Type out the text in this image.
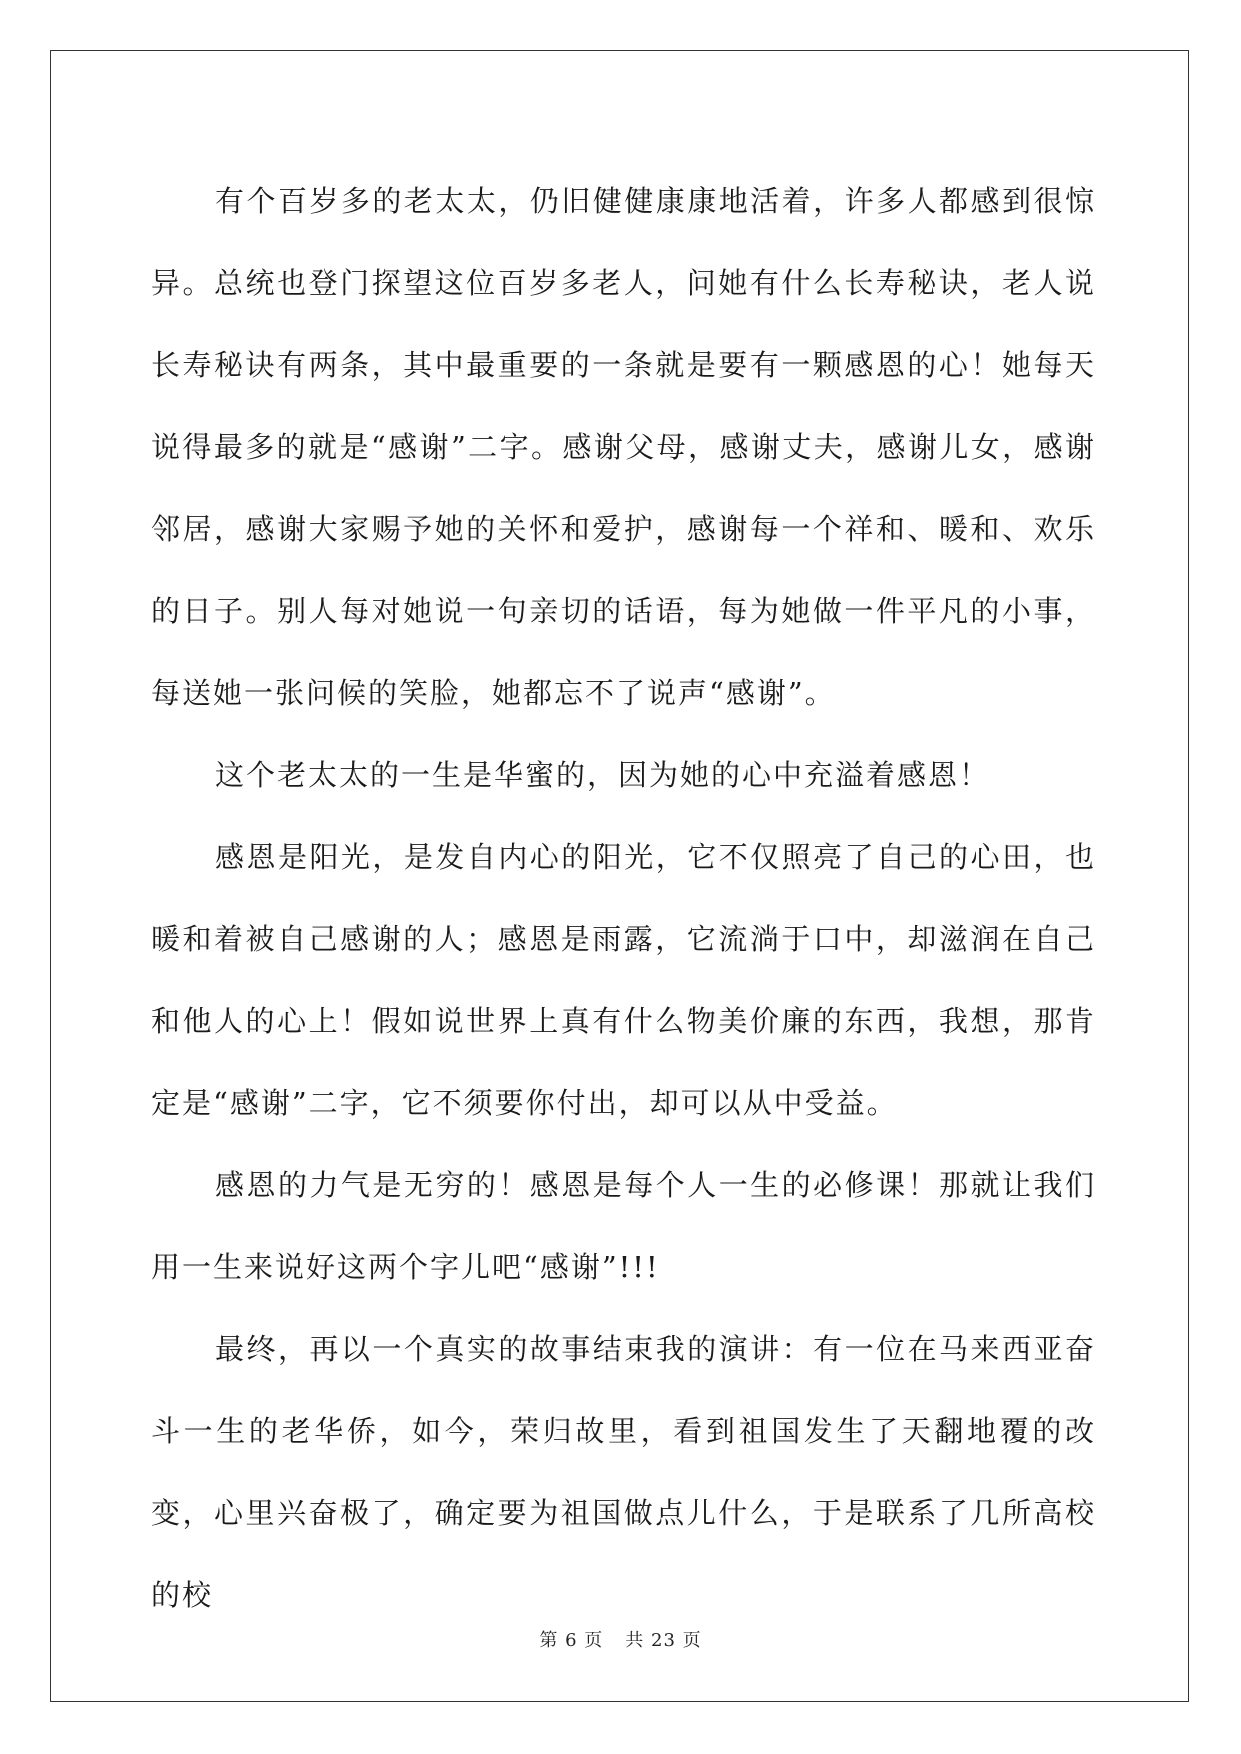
有个百岁多的老太太，仍旧健健康康地活着，许多人都感到很惊异。总统也登门探望这位百岁多老人，问她有什么长寿秘诀，老人说长寿秘诀有两条，其中最重要的一条就是要有一颗感恩的心！她每天说得最多的就是“感谢”二字。感谢父母，感谢丈夫，感谢儿女，感谢邻居，感谢大家赐予她的关怀和爱护，感谢每一个祥和、暖和、欢乐的日子。别人每对她说一句亲切的话语，每为她做一件平凡的小事，每送她一张问候的笑脸，她都忘不了说声“感谢”。

这个老太太的一生是华蜜的，因为她的心中充溢着感恩！

感恩是阳光，是发自内心的阳光，它不仅照亮了自己的心田，也暖和着被自己感谢的人；感恩是雨露，它流淌于口中，却滋润在自己和他人的心上！假如说世界上真有什么物美价廉的东西，我想，那肯定是“感谢”二字，它不须要你付出，却可以从中受益。

感恩的力气是无穷的！感恩是每个人一生的必修课！那就让我们用一生来说好这两个字儿吧“感谢”!!!

最终，再以一个真实的故事结束我的演讲：有一位在马来西亚奋斗一生的老华侨，如今，荣归故里，看到祖国发生了天翻地覆的改变，心里兴奋极了，确定要为祖国做点儿什么，于是联系了几所高校的校

第 6 页 共 23 页
